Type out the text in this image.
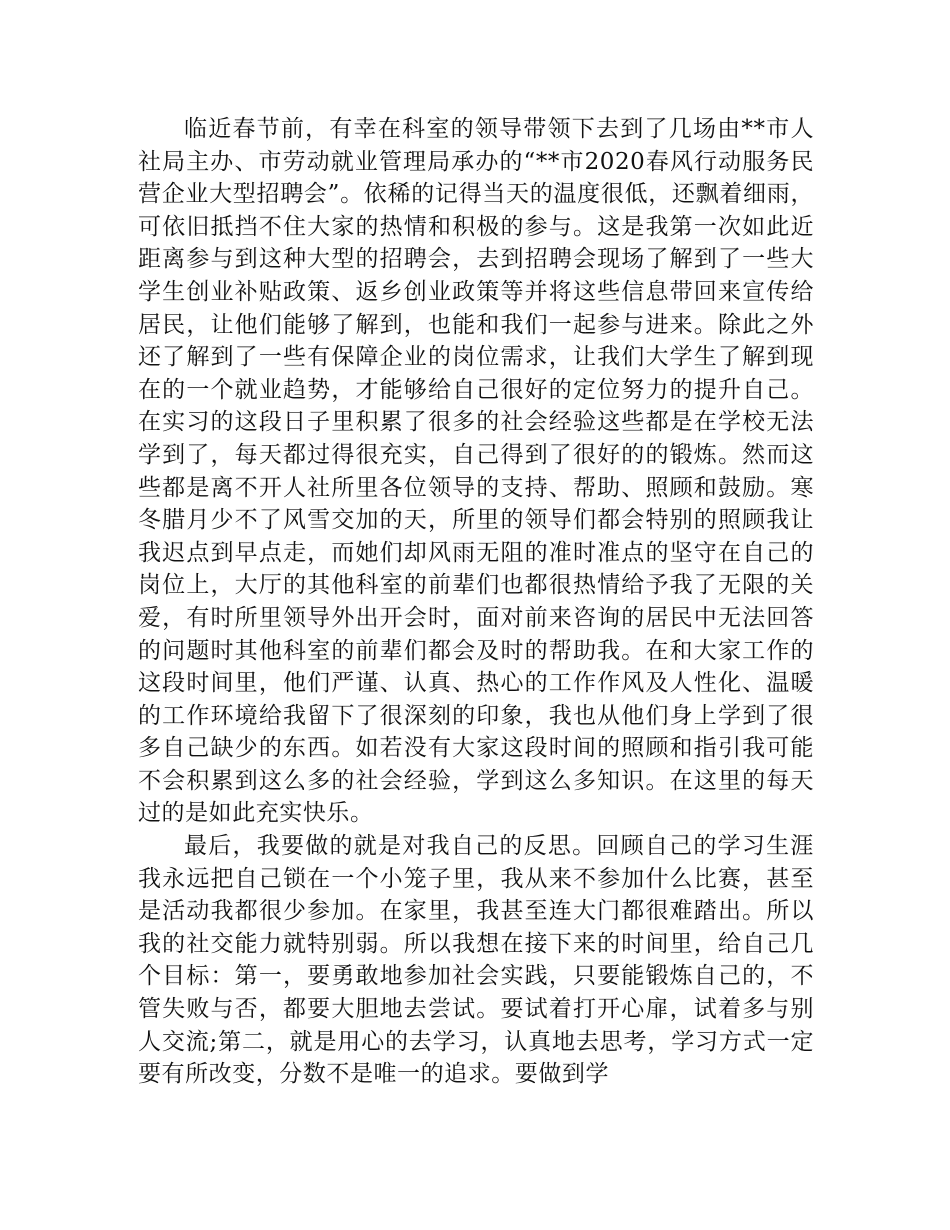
临近春节前，有幸在科室的领导带领下去到了几场由**市人社局主办、市劳动就业管理局承办的“**市2020春风行动服务民营企业大型招聘会”。依稀的记得当天的温度很低，还飘着细雨，可依旧抵挡不住大家的热情和积极的参与。这是我第一次如此近距离参与到这种大型的招聘会，去到招聘会现场了解到了一些大学生创业补贴政策、返乡创业政策等并将这些信息带回来宣传给居民，让他们能够了解到，也能和我们一起参与进来。除此之外还了解到了一些有保障企业的岗位需求，让我们大学生了解到现在的一个就业趋势，才能够给自己很好的定位努力的提升自己。在实习的这段日子里积累了很多的社会经验这些都是在学校无法学到了，每天都过得很充实，自己得到了很好的的锻炼。然而这些都是离不开人社所里各位领导的支持、帮助、照顾和鼓励。寒冬腊月少不了风雪交加的天，所里的领导们都会特别的照顾我让我迟点到早点走，而她们却风雨无阻的准时准点的坚守在自己的岗位上，大厅的其他科室的前辈们也都很热情给予我了无限的关爱，有时所里领导外出开会时，面对前来咨询的居民中无法回答的问题时其他科室的前辈们都会及时的帮助我。在和大家工作的这段时间里，他们严谨、认真、热心的工作作风及人性化、温暖的工作环境给我留下了很深刻的印象，我也从他们身上学到了很多自己缺少的东西。如若没有大家这段时间的照顾和指引我可能不会积累到这么多的社会经验，学到这么多知识。在这里的每天过的是如此充实快乐。

最后，我要做的就是对我自己的反思。回顾自己的学习生涯我永远把自己锁在一个小笼子里，我从来不参加什么比赛，甚至是活动我都很少参加。在家里，我甚至连大门都很难踏出。所以我的社交能力就特别弱。所以我想在接下来的时间里，给自己几个目标：第一，要勇敢地参加社会实践，只要能锻炼自己的，不管失败与否，都要大胆地去尝试。要试着打开心扉，试着多与别人交流;第二，就是用心的去学习，认真地去思考，学习方式一定要有所改变，分数不是唯一的追求。要做到学
